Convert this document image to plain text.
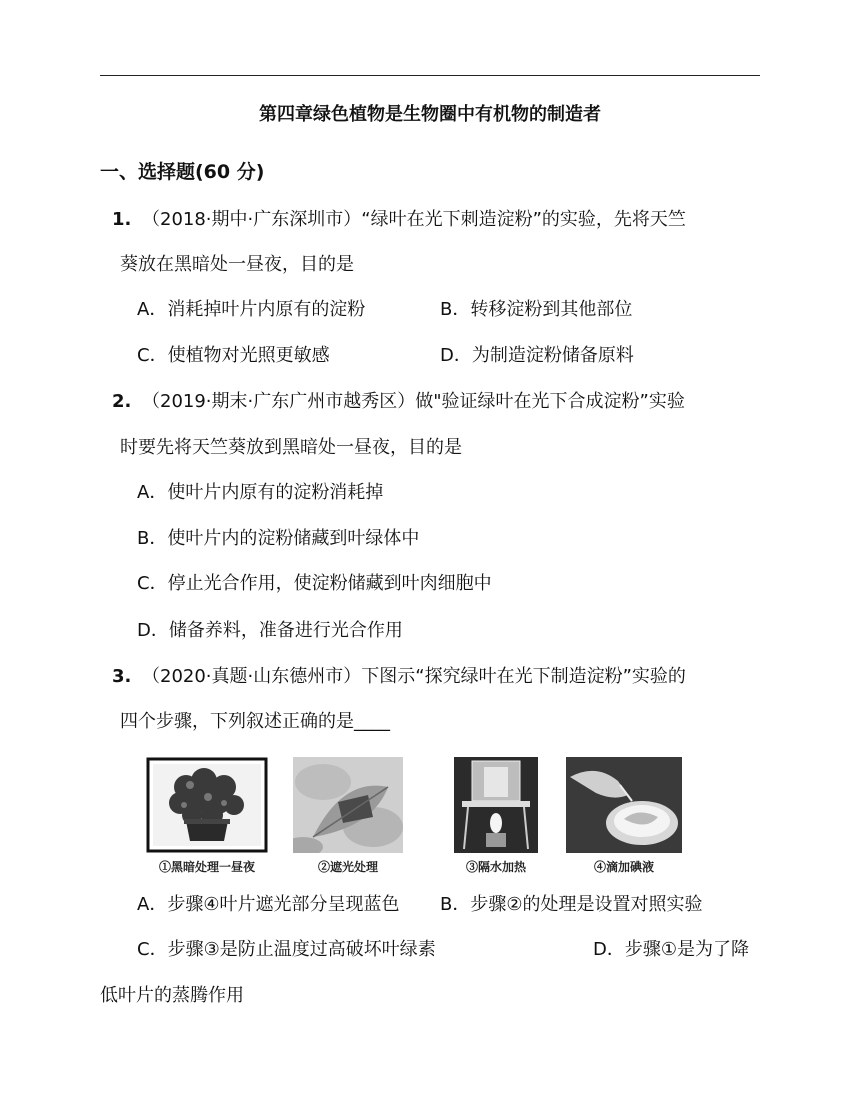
第四章绿色植物是生物圈中有机物的制造者
一、选择题(60 分)
1. （2018·期中·广东深圳市）“绿叶在光下刺造淀粉”的实验，先将天竺
葵放在黑暗处一昼夜，目的是
A．消耗掉叶片内原有的淀粉	B．转移淀粉到其他部位
C．使植物对光照更敏感	D．为制造淀粉储备原料
2. （2019·期末·广东广州市越秀区）做"验证绿叶在光下合成淀粉”实验
时要先将天竺葵放到黑暗处一昼夜，目的是
A．使叶片内原有的淀粉消耗掉
B．使叶片内的淀粉储藏到叶绿体中
C．停止光合作用，使淀粉储藏到叶肉细胞中
D．储备养料，准备进行光合作用
3. （2020·真题·山东德州市）下图示“探究绿叶在光下制造淀粉”实验的
四个步骤，下列叙述正确的是____
①黑暗处理一昼夜	②遮光处理	③隔水加热	④滴加碘液
A．步骤④叶片遮光部分呈现蓝色 B．步骤②的处理是设置对照实验
C．步骤③是防止温度过高破坏叶绿素	D．步骤①是为了降
低叶片的蒸腾作用
